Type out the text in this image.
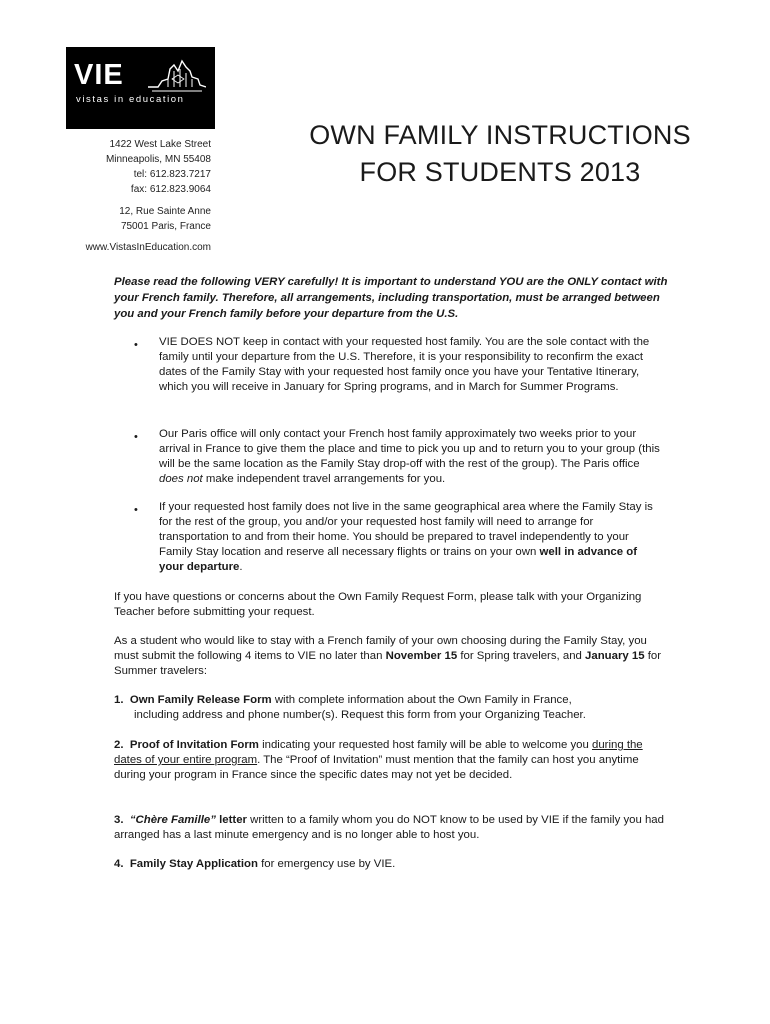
VIE
vistas in education
1422 West Lake Street
Minneapolis, MN 55408
tel: 612.823.7217
fax: 612.823.9064
12, Rue Sainte Anne
75001 Paris, France
www.VistasInEducation.com
OWN FAMILY INSTRUCTIONS
FOR STUDENTS 2013
Please read the following VERY carefully! It is important to understand YOU are the ONLY contact with your French family. Therefore, all arrangements, including transportation, must be arranged between you and your French family before your departure from the U.S.
• VIE DOES NOT keep in contact with your requested host family. You are the sole contact with the family until your departure from the U.S. Therefore, it is your responsibility to reconfirm the exact dates of the Family Stay with your requested host family once you have your Tentative Itinerary, which you will receive in January for Spring programs, and in March for Summer Programs.
• Our Paris office will only contact your French host family approximately two weeks prior to your arrival in France to give them the place and time to pick you up and to return you to your group (this will be the same location as the Family Stay drop-off with the rest of the group). The Paris office does not make independent travel arrangements for you.
• If your requested host family does not live in the same geographical area where the Family Stay is for the rest of the group, you and/or your requested host family will need to arrange for transportation to and from their home. You should be prepared to travel independently to your Family Stay location and reserve all necessary flights or trains on your own well in advance of your departure.
If you have questions or concerns about the Own Family Request Form, please talk with your Organizing Teacher before submitting your request.
As a student who would like to stay with a French family of your own choosing during the Family Stay, you must submit the following 4 items to VIE no later than November 15 for Spring travelers, and January 15 for Summer travelers:
1. Own Family Release Form with complete information about the Own Family in France,
including address and phone number(s). Request this form from your Organizing Teacher.
2. Proof of Invitation Form indicating your requested host family will be able to welcome you during the dates of your entire program. The “Proof of Invitation” must mention that the family can host you anytime during your program in France since the specific dates may not yet be decided.
3. “Chère Famille” letter written to a family whom you do NOT know to be used by VIE if the family you had arranged has a last minute emergency and is no longer able to host you.
4. Family Stay Application for emergency use by VIE.
